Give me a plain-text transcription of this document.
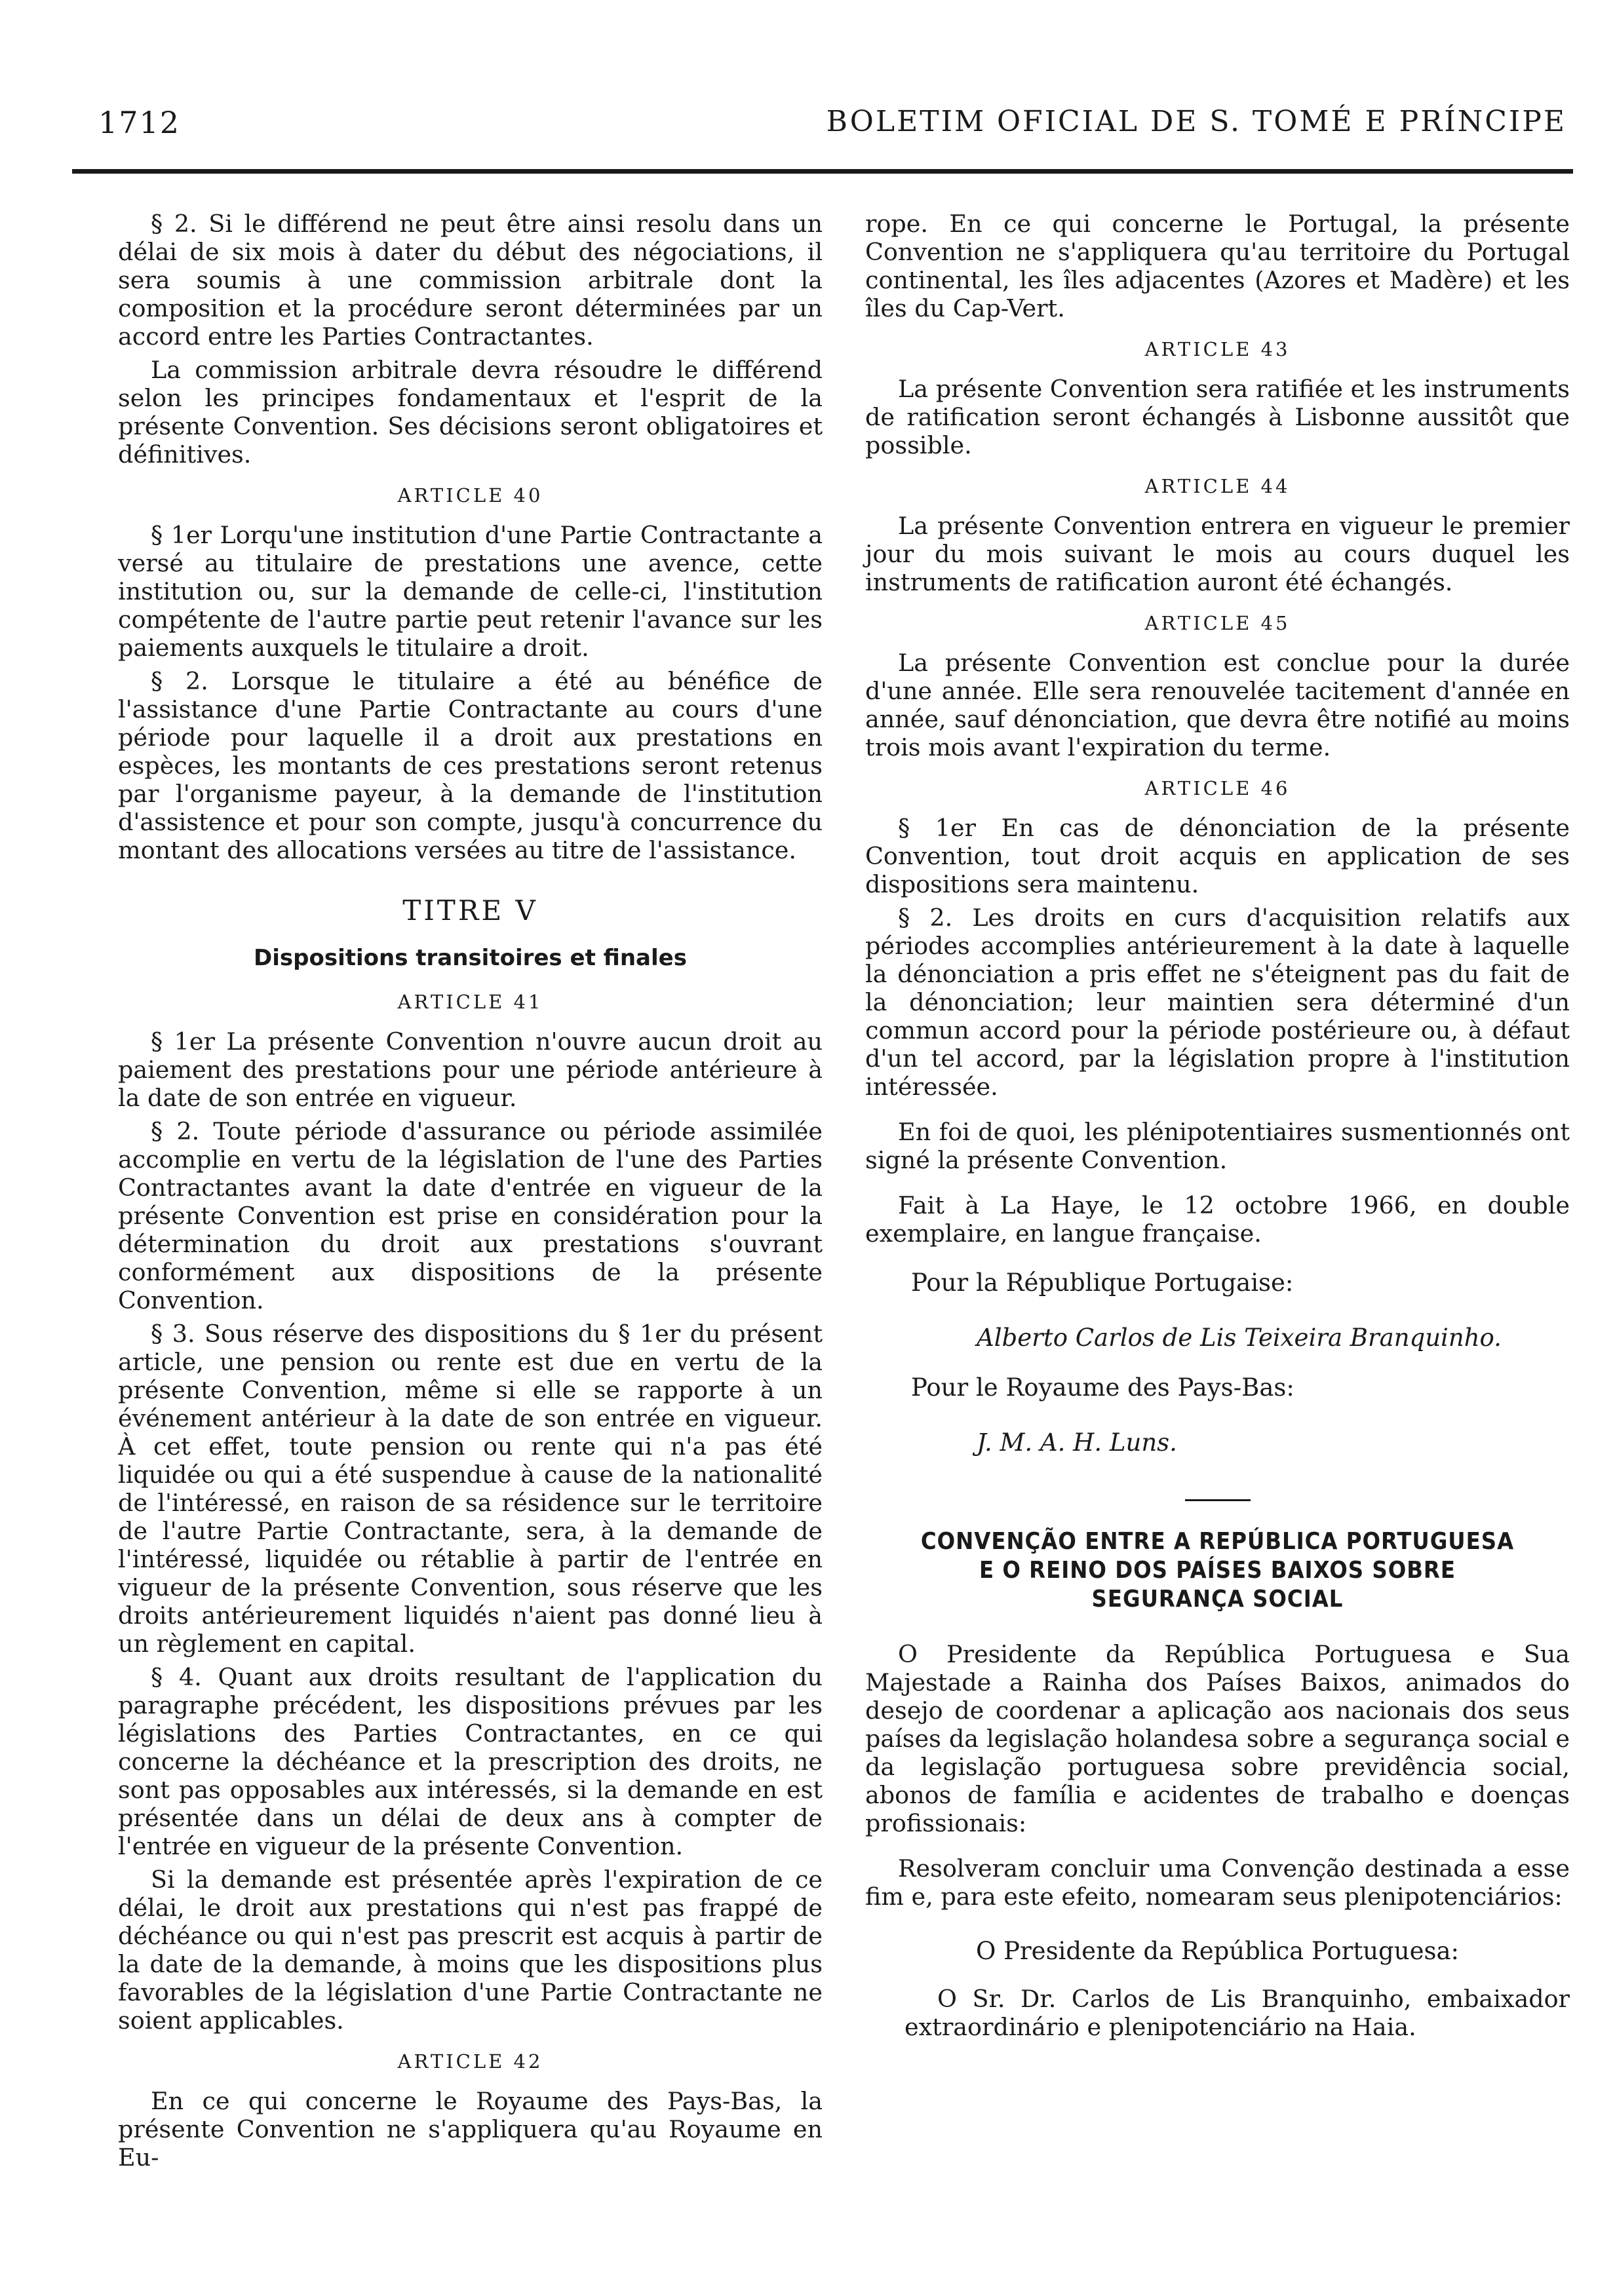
1712	BOLETIM OFICIAL DE S. TOMÉ E PRÍNCIPE

§ 2. Si le différend ne peut être ainsi resolu dans un délai de six mois à dater du début des négociations, il sera soumis à une commission arbitrale dont la composition et la procédure seront déterminées par un accord entre les Parties Contractantes.

La commission arbitrale devra résoudre le différend selon les principes fondamentaux et l'esprit de la présente Convention. Ses décisions seront obligatoires et définitives.

ARTICLE 40

§ 1er Lorqu'une institution d'une Partie Contractante a versé au titulaire de prestations une avence, cette institution ou, sur la demande de celle-ci, l'institution compétente de l'autre partie peut retenir l'avance sur les paiements auxquels le titulaire a droit.

§ 2. Lorsque le titulaire a été au bénéfice de l'assistance d'une Partie Contractante au cours d'une période pour laquelle il a droit aux prestations en espèces, les montants de ces prestations seront retenus par l'organisme payeur, à la demande de l'institution d'assistence et pour son compte, jusqu'à concurrence du montant des allocations versées au titre de l'assistance.

TITRE V
Dispositions transitoires et finales
ARTICLE 41

§ 1er La présente Convention n'ouvre aucun droit au paiement des prestations pour une période antérieure à la date de son entrée en vigueur.

§ 2. Toute période d'assurance ou période assimilée accomplie en vertu de la législation de l'une des Parties Contractantes avant la date d'entrée en vigueur de la présente Convention est prise en considération pour la détermination du droit aux prestations s'ouvrant conformément aux dispositions de la présente Convention.

§ 3. Sous réserve des dispositions du § 1er du présent article, une pension ou rente est due en vertu de la présente Convention, même si elle se rapporte à un événement antérieur à la date de son entrée en vigueur. À cet effet, toute pension ou rente qui n'a pas été liquidée ou qui a été suspendue à cause de la nationalité de l'intéressé, en raison de sa résidence sur le territoire de l'autre Partie Contractante, sera, à la demande de l'intéressé, liquidée ou rétablie à partir de l'entrée en vigueur de la présente Convention, sous réserve que les droits antérieurement liquidés n'aient pas donné lieu à un règlement en capital.

§ 4. Quant aux droits resultant de l'application du paragraphe précédent, les dispositions prévues par les législations des Parties Contractantes, en ce qui concerne la déchéance et la prescription des droits, ne sont pas opposables aux intéressés, si la demande en est présentée dans un délai de deux ans à compter de l'entrée en vigueur de la présente Convention.

Si la demande est présentée après l'expiration de ce délai, le droit aux prestations qui n'est pas frappé de déchéance ou qui n'est pas prescrit est acquis à partir de la date de la demande, à moins que les dispositions plus favorables de la législation d'une Partie Contractante ne soient applicables.

ARTICLE 42

En ce qui concerne le Royaume des Pays-Bas, la présente Convention ne s'appliquera qu'au Royaume en Eu-

rope. En ce qui concerne le Portugal, la présente Convention ne s'appliquera qu'au territoire du Portugal continental, les îles adjacentes (Azores et Madère) et les îles du Cap-Vert.

ARTICLE 43

La présente Convention sera ratifiée et les instruments de ratification seront échangés à Lisbonne aussitôt que possible.

ARTICLE 44

La présente Convention entrera en vigueur le premier jour du mois suivant le mois au cours duquel les instruments de ratification auront été échangés.

ARTICLE 45

La présente Convention est conclue pour la durée d'une année. Elle sera renouvelée tacitement d'année en année, sauf dénonciation, que devra être notifié au moins trois mois avant l'expiration du terme.

ARTICLE 46

§ 1er En cas de dénonciation de la présente Convention, tout droit acquis en application de ses dispositions sera maintenu.

§ 2. Les droits en curs d'acquisition relatifs aux périodes accomplies antérieurement à la date à laquelle la dénonciation a pris effet ne s'éteignent pas du fait de la dénonciation; leur maintien sera déterminé d'un commun accord pour la période postérieure ou, à défaut d'un tel accord, par la législation propre à l'institution intéressée.

En foi de quoi, les plénipotentiaires susmentionnés ont signé la présente Convention.

Fait à La Haye, le 12 octobre 1966, en double exemplaire, en langue française.

Pour la République Portugaise:
Alberto Carlos de Lis Teixeira Branquinho.
Pour le Royaume des Pays-Bas:
J. M. A. H. Luns.
CONVENÇÃO ENTRE A REPÚBLICA PORTUGUESA
E O REINO DOS PAÍSES BAIXOS SOBRE
SEGURANÇA SOCIAL

O Presidente da República Portuguesa e Sua Majestade a Rainha dos Países Baixos, animados do desejo de coordenar a aplicação aos nacionais dos seus países da legislação holandesa sobre a segurança social e da legislação portuguesa sobre previdência social, abonos de família e acidentes de trabalho e doenças profissionais:

Resolveram concluir uma Convenção destinada a esse fim e, para este efeito, nomearam seus plenipotenciários:

O Presidente da República Portuguesa:

O Sr. Dr. Carlos de Lis Branquinho, embaixador extraordinário e plenipotenciário na Haia.
